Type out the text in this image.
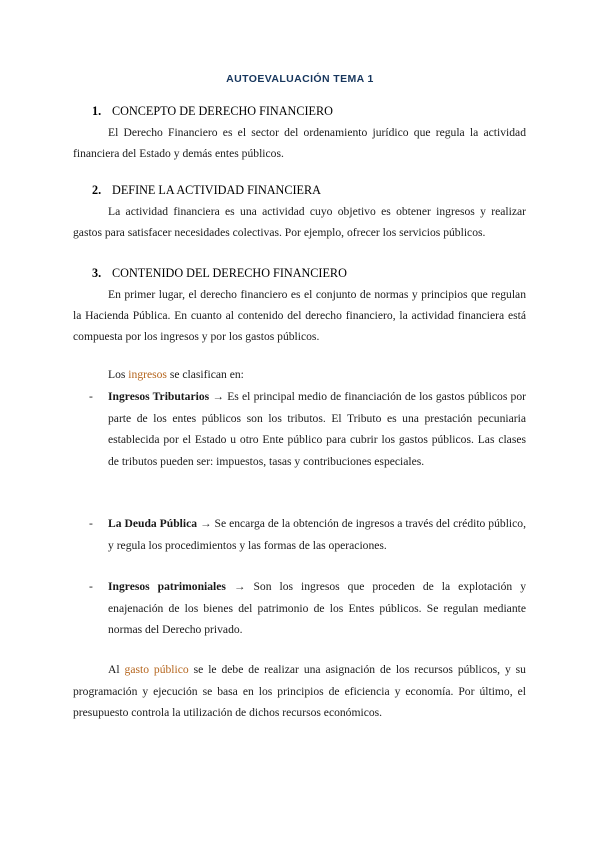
AUTOEVALUACIÓN TEMA 1
1. CONCEPTO DE DERECHO FINANCIERO

El Derecho Financiero es el sector del ordenamiento jurídico que regula la actividad financiera del Estado y demás entes públicos.

2. DEFINE LA ACTIVIDAD FINANCIERA

La actividad financiera es una actividad cuyo objetivo es obtener ingresos y realizar gastos para satisfacer necesidades colectivas. Por ejemplo, ofrecer los servicios públicos.

3. CONTENIDO DEL DERECHO FINANCIERO

En primer lugar, el derecho financiero es el conjunto de normas y principios que regulan la Hacienda Pública. En cuanto al contenido del derecho financiero, la actividad financiera está compuesta por los ingresos y por los gastos públicos.

Los ingresos se clasifican en:

- Ingresos Tributarios → Es el principal medio de financiación de los gastos públicos por parte de los entes públicos son los tributos. El Tributo es una prestación pecuniaria establecida por el Estado u otro Ente público para cubrir los gastos públicos. Las clases de tributos pueden ser: impuestos, tasas y contribuciones especiales.

- La Deuda Pública → Se encarga de la obtención de ingresos a través del crédito público, y regula los procedimientos y las formas de las operaciones.

- Ingresos patrimoniales → Son los ingresos que proceden de la explotación y enajenación de los bienes del patrimonio de los Entes públicos. Se regulan mediante normas del Derecho privado.

Al gasto público se le debe de realizar una asignación de los recursos públicos, y su programación y ejecución se basa en los principios de eficiencia y economía. Por último, el presupuesto controla la utilización de dichos recursos económicos.
